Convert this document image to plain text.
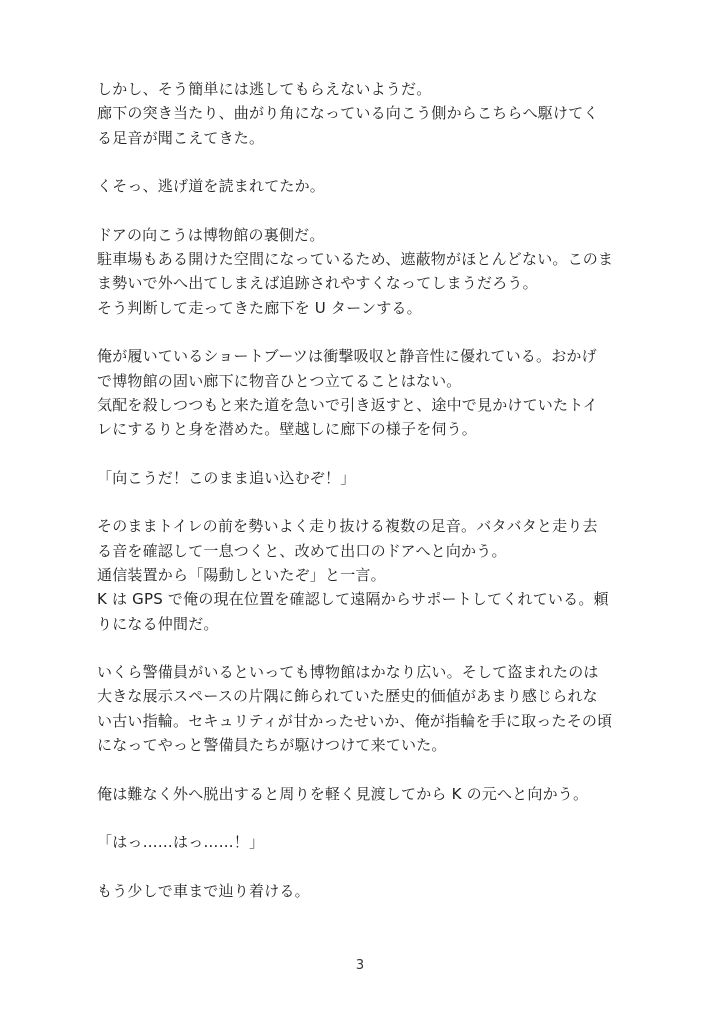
しかし、そう簡単には逃してもらえないようだ。
廊下の突き当たり、曲がり角になっている向こう側からこちらへ駆けてく
る足音が聞こえてきた。
くそっ、逃げ道を読まれてたか。
ドアの向こうは博物館の裏側だ。
駐車場もある開けた空間になっているため、遮蔽物がほとんどない。このま
ま勢いで外へ出てしまえば追跡されやすくなってしまうだろう。
そう判断して走ってきた廊下を U ターンする。
俺が履いているショートブーツは衝撃吸収と静音性に優れている。おかげ
で博物館の固い廊下に物音ひとつ立てることはない。
気配を殺しつつもと来た道を急いで引き返すと、途中で見かけていたトイ
レにするりと身を潜めた。壁越しに廊下の様子を伺う。
「向こうだ！このまま追い込むぞ！」
そのままトイレの前を勢いよく走り抜ける複数の足音。バタバタと走り去
る音を確認して一息つくと、改めて出口のドアへと向かう。
通信装置から「陽動しといたぞ」と一言。
K は GPS で俺の現在位置を確認して遠隔からサポートしてくれている。頼
りになる仲間だ。
いくら警備員がいるといっても博物館はかなり広い。そして盗まれたのは
大きな展示スペースの片隅に飾られていた歴史的価値があまり感じられな
い古い指輪。セキュリティが甘かったせいか、俺が指輪を手に取ったその頃
になってやっと警備員たちが駆けつけて来ていた。
俺は難なく外へ脱出すると周りを軽く見渡してから K の元へと向かう。
「はっ……はっ……！」
もう少しで車まで辿り着ける。
3
